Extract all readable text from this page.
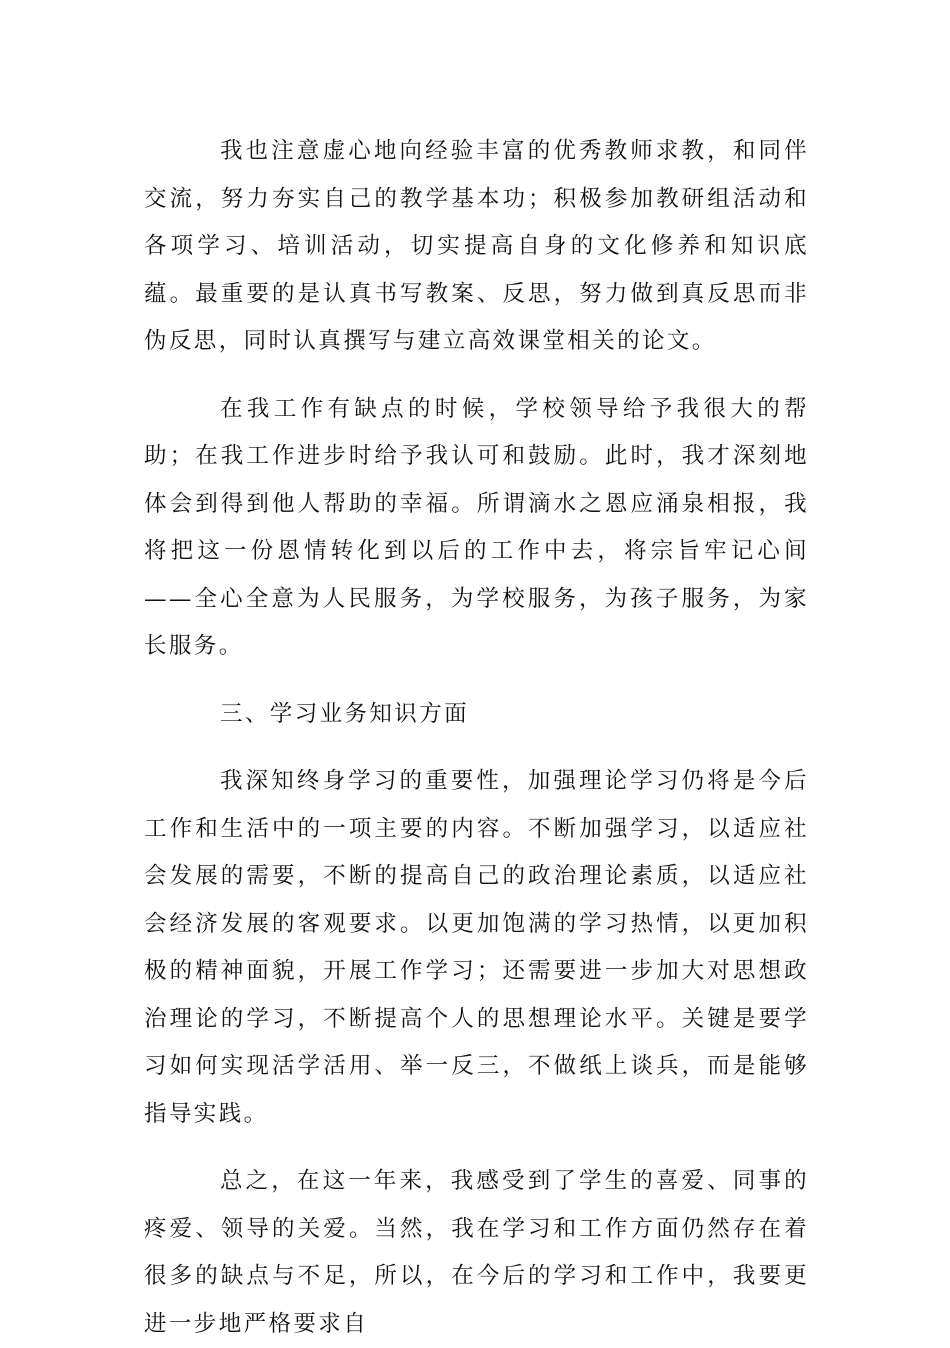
我也注意虚心地向经验丰富的优秀教师求教，和同伴交流，努力夯实自己的教学基本功；积极参加教研组活动和各项学习、培训活动，切实提高自身的文化修养和知识底蕴。最重要的是认真书写教案、反思，努力做到真反思而非伪反思，同时认真撰写与建立高效课堂相关的论文。

在我工作有缺点的时候，学校领导给予我很大的帮助；在我工作进步时给予我认可和鼓励。此时，我才深刻地体会到得到他人帮助的幸福。所谓滴水之恩应涌泉相报，我将把这一份恩情转化到以后的工作中去，将宗旨牢记心间——全心全意为人民服务，为学校服务，为孩子服务，为家长服务。

三、学习业务知识方面

我深知终身学习的重要性，加强理论学习仍将是今后工作和生活中的一项主要的内容。不断加强学习，以适应社会发展的需要，不断的提高自己的政治理论素质，以适应社会经济发展的客观要求。以更加饱满的学习热情，以更加积极的精神面貌，开展工作学习；还需要进一步加大对思想政治理论的学习，不断提高个人的思想理论水平。关键是要学习如何实现活学活用、举一反三，不做纸上谈兵，而是能够指导实践。

总之，在这一年来，我感受到了学生的喜爱、同事的疼爱、领导的关爱。当然，我在学习和工作方面仍然存在着很多的缺点与不足，所以，在今后的学习和工作中，我要更进一步地严格要求自
